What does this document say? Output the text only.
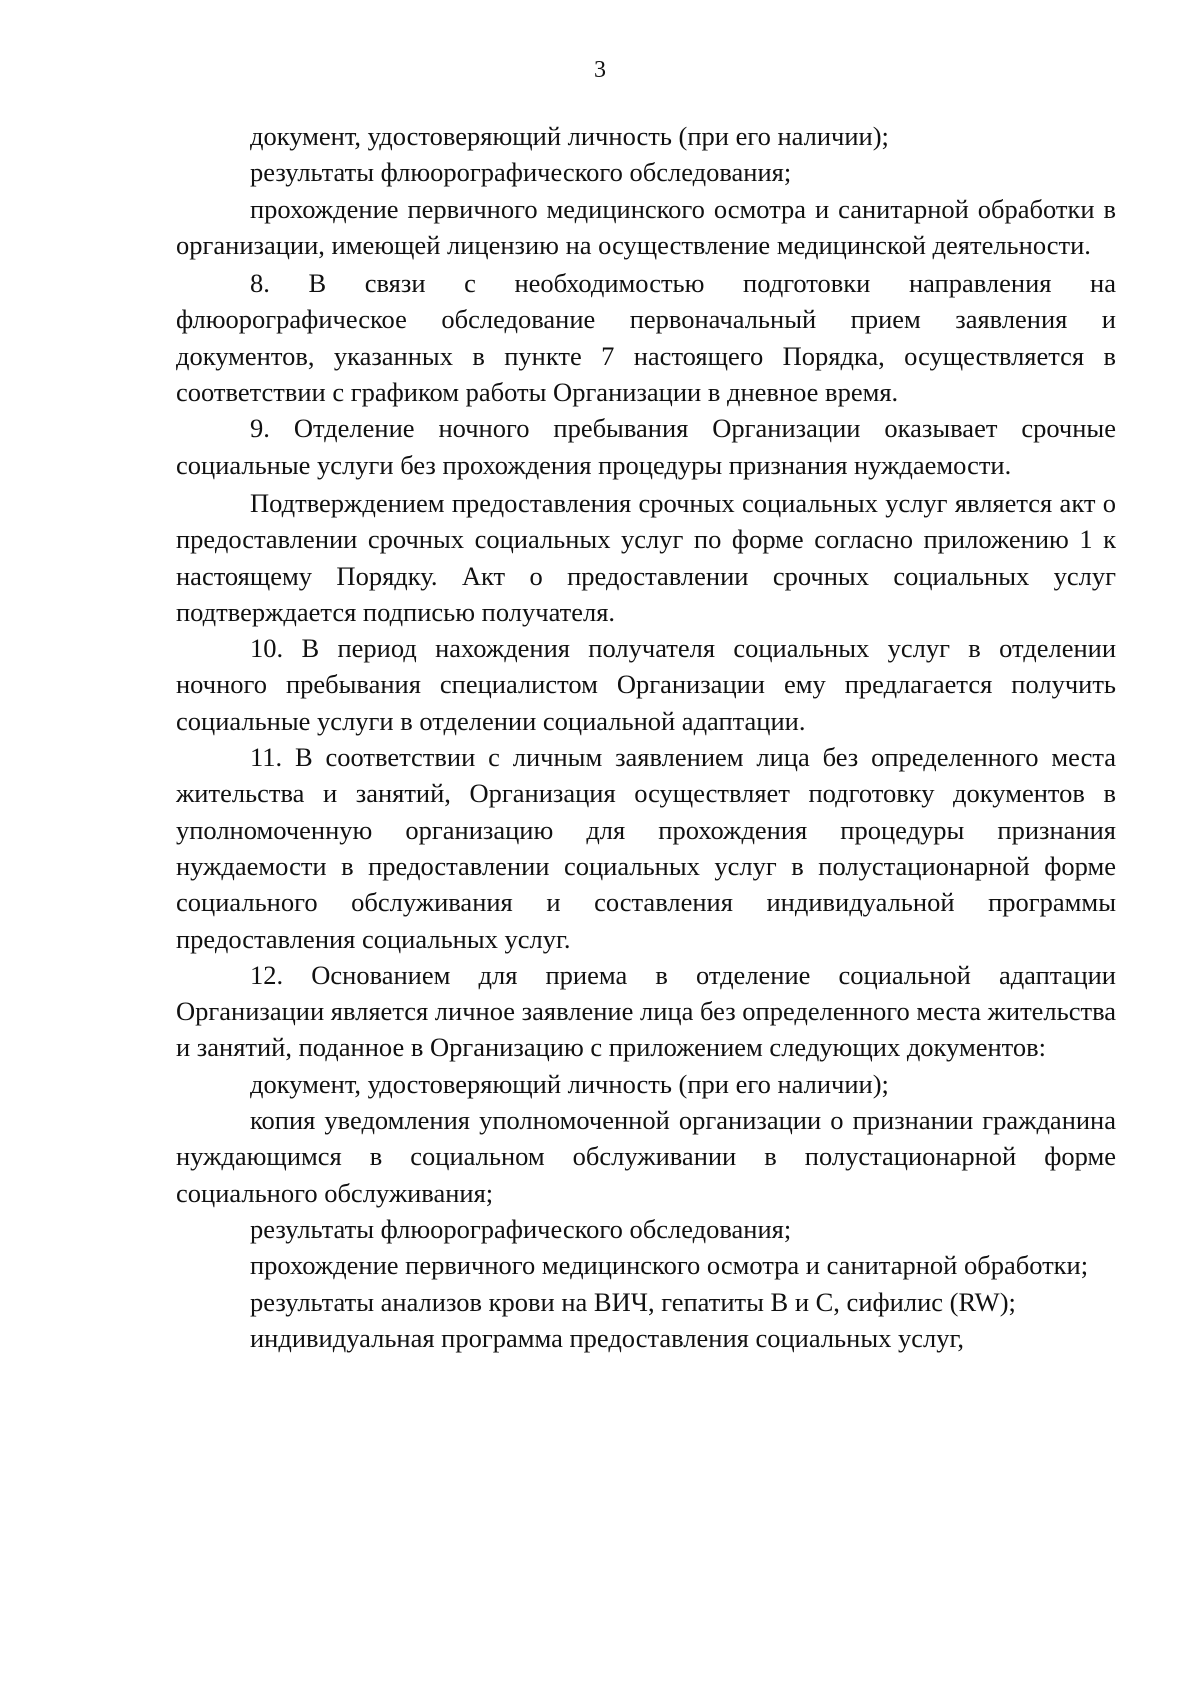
3

документ, удостоверяющий личность (при его наличии);

результаты флюорографического обследования;

прохождение первичного медицинского осмотра и санитарной обработки в организации, имеющей лицензию на осуществление медицинской деятельности.

8. В связи с необходимостью подготовки направления на флюорографическое обследование первоначальный прием заявления и документов, указанных в пункте 7 настоящего Порядка, осуществляется в соответствии с графиком работы Организации в дневное время.

9. Отделение ночного пребывания Организации оказывает срочные социальные услуги без прохождения процедуры признания нуждаемости.

Подтверждением предоставления срочных социальных услуг является акт о предоставлении срочных социальных услуг по форме согласно приложению 1 к настоящему Порядку. Акт о предоставлении срочных социальных услуг подтверждается подписью получателя.

10. В период нахождения получателя социальных услуг в отделении ночного пребывания специалистом Организации ему предлагается получить социальные услуги в отделении социальной адаптации.

11. В соответствии с личным заявлением лица без определенного места жительства и занятий, Организация осуществляет подготовку документов в уполномоченную организацию для прохождения процедуры признания нуждаемости в предоставлении социальных услуг в полустационарной форме социального обслуживания и составления индивидуальной программы предоставления социальных услуг.

12. Основанием для приема в отделение социальной адаптации Организации является личное заявление лица без определенного места жительства и занятий, поданное в Организацию с приложением следующих документов:

документ, удостоверяющий личность (при его наличии);

копия уведомления уполномоченной организации о признании гражданина нуждающимся в социальном обслуживании в полустационарной форме социального обслуживания;

результаты флюорографического обследования;

прохождение первичного медицинского осмотра и санитарной обработки;

результаты анализов крови на ВИЧ, гепатиты В и С, сифилис (RW);

индивидуальная программа предоставления социальных услуг,
